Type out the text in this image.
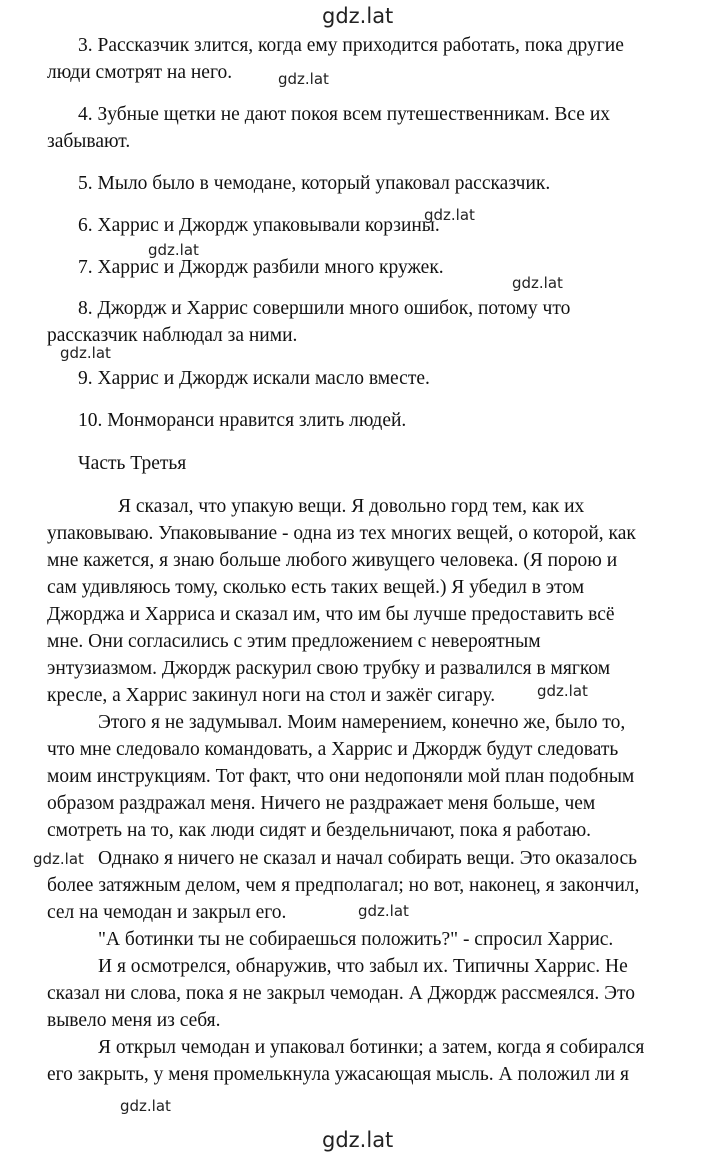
gdz.lat
gdz.lat
gdz.lat
gdz.lat
gdz.lat
gdz.lat
gdz.lat
gdz.lat
gdz.lat
gdz.lat
gdz.lat
3. Рассказчик злится, когда ему приходится работать, пока другие
люди смотрят на него.
4. Зубные щетки не дают покоя всем путешественникам. Все их
забывают.
5. Мыло было в чемодане, который упаковал рассказчик.
6. Харрис и Джордж упаковывали корзины.
7. Харрис и Джордж разбили много кружек.
8. Джордж и Харрис совершили много ошибок, потому что
рассказчик наблюдал за ними.
9. Харрис и Джордж искали масло вместе.
10. Монморанси нравится злить людей.
Часть Третья
Я сказал, что упакую вещи. Я довольно горд тем, как их
упаковываю. Упаковывание - одна из тех многих вещей, о которой, как
мне кажется, я знаю больше любого живущего человека. (Я порою и
сам удивляюсь тому, сколько есть таких вещей.) Я убедил в этом
Джорджа и Харриса и сказал им, что им бы лучше предоставить всё
мне. Они согласились с этим предложением с невероятным
энтузиазмом. Джордж раскурил свою трубку и развалился в мягком
кресле, а Харрис закинул ноги на стол и зажёг сигару.
Этого я не задумывал. Моим намерением, конечно же, было то,
что мне следовало командовать, а Харрис и Джордж будут следовать
моим инструкциям. Тот факт, что они недопоняли мой план подобным
образом раздражал меня. Ничего не раздражает меня больше, чем
смотреть на то, как люди сидят и бездельничают, пока я работаю.
Однако я ничего не сказал и начал собирать вещи. Это оказалось
более затяжным делом, чем я предполагал; но вот, наконец, я закончил,
сел на чемодан и закрыл его.
"А ботинки ты не собираешься положить?" - спросил Харрис.
И я осмотрелся, обнаружив, что забыл их. Типичны Харрис. Не
сказал ни слова, пока я не закрыл чемодан. А Джордж рассмеялся. Это
вывело меня из себя.
Я открыл чемодан и упаковал ботинки; а затем, когда я собирался
его закрыть, у меня промелькнула ужасающая мысль. А положил ли я
